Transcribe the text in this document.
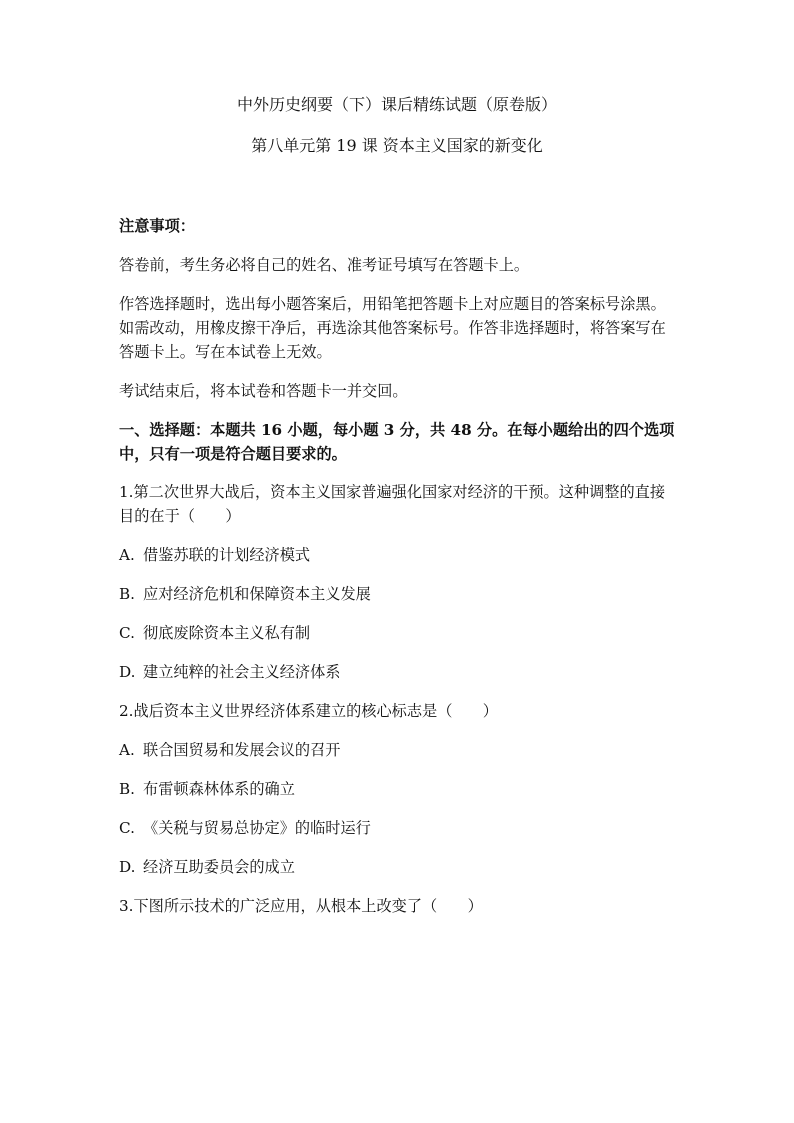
中外历史纲要（下）课后精练试题（原卷版）
第八单元第 19 课 资本主义国家的新变化
注意事项：
答卷前，考生务必将自己的姓名、准考证号填写在答题卡上。
作答选择题时，选出每小题答案后，用铅笔把答题卡上对应题目的答案标号涂黑。如需改动，用橡皮擦干净后，再选涂其他答案标号。作答非选择题时，将答案写在答题卡上。写在本试卷上无效。
考试结束后，将本试卷和答题卡一并交回。
一、选择题：本题共 16 小题，每小题 3 分，共 48 分。在每小题给出的四个选项中，只有一项是符合题目要求的。
1.第二次世界大战后，资本主义国家普遍强化国家对经济的干预。这种调整的直接目的在于（　　）
A. 借鉴苏联的计划经济模式
B. 应对经济危机和保障资本主义发展
C. 彻底废除资本主义私有制
D. 建立纯粹的社会主义经济体系
2.战后资本主义世界经济体系建立的核心标志是（　　）
A. 联合国贸易和发展会议的召开
B. 布雷顿森林体系的确立
C. 《关税与贸易总协定》的临时运行
D. 经济互助委员会的成立
3.下图所示技术的广泛应用，从根本上改变了（　　）
